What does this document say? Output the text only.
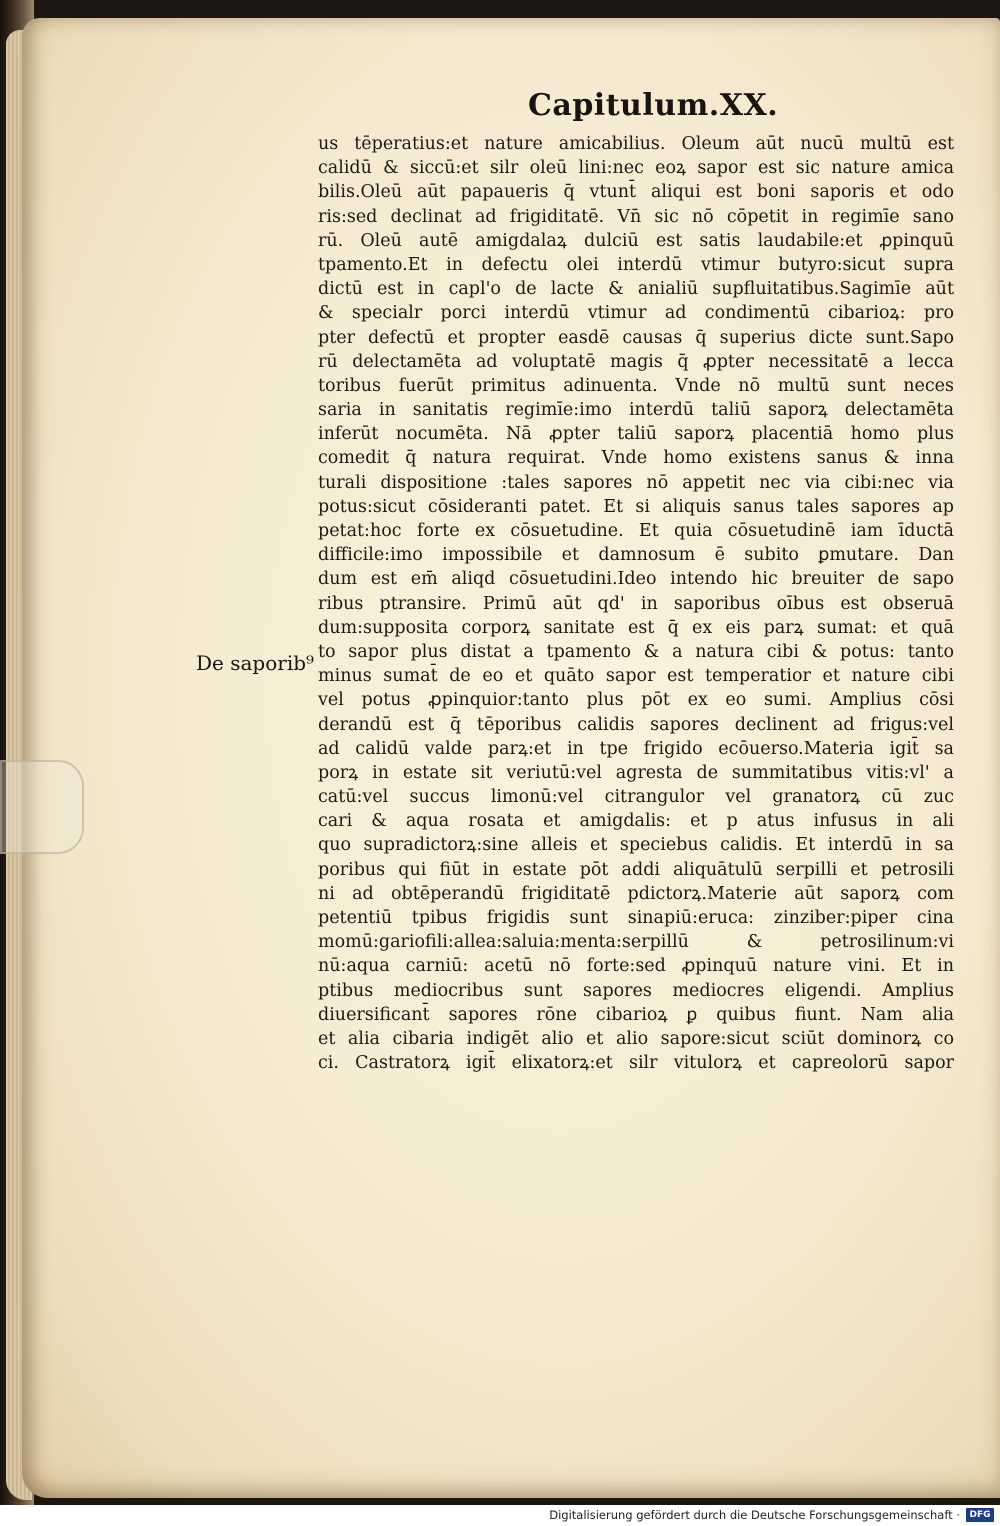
Capitulum.XX.
De saporib⁹
us tēperatius:et nature amicabilius. Oleum aūt nucū multū est
calidū & siccū:et silr oleū lini:nec eoꝝ sapor est sic nature amica
bilis.Oleū aūt papaueris q̄ vtunt̄ aliqui est boni saporis et odo
ris:sed declinat ad frigiditatē. Vn̄ sic nō cōpetit in regimīe sano
rū. Oleū autē amigdalaꝝ dulciū est satis laudabile:et ꝓpinquū
tpamento.Et in defectu olei interdū vtimur butyro:sicut supra
dictū est in capl'o de lacte & anialiū supfluitatibus.Sagimīe aūt
& specialr porci interdū vtimur ad condimentū cibarioꝝ: pro
pter defectū et propter easdē causas q̄ superius dicte sunt.Sapo
rū delectamēta ad voluptatē magis q̄ ꝓpter necessitatē a lecca
toribus fuerūt primitus adinuenta. Vnde nō multū sunt neces
saria in sanitatis regimīe:imo interdū taliū saporꝝ delectamēta
inferūt nocumēta. Nā ꝓpter taliū saporꝝ placentiā homo plus
comedit q̄ natura requirat. Vnde homo existens sanus & inna
turali dispositione :tales sapores nō appetit nec via cibi:nec via
potus:sicut cōsideranti patet. Et si aliquis sanus tales sapores ap
petat:hoc forte ex cōsuetudine. Et quia cōsuetudinē iam īductā
difficile:imo impossibile et damnosum ē subito ꝑmutare. Dan
dum est em̄ aliqd cōsuetudini.Ideo intendo hic breuiter de sapo
ribus ptransire. Primū aūt qd' in saporibus oībus est obseruā
dum:supposita corporꝝ sanitate est q̄ ex eis parꝝ sumat: et quā
to sapor plus distat a tpamento & a natura cibi & potus: tanto
minus sumat̄ de eo et quāto sapor est temperatior et nature cibi
vel potus ꝓpinquior:tanto plus pōt ex eo sumi. Amplius cōsi
derandū est q̄ tēporibus calidis sapores declinent ad frigus:vel
ad calidū valde parꝝ:et in tpe frigido ecōuerso.Materia igit̄ sa
porꝝ in estate sit veriutū:vel agresta de summitatibus vitis:vl' a
catū:vel succus limonū:vel citrangulor vel granatorꝝ cū zuc
cari & aqua rosata et amigdalis: et p atus infusus in ali
quo supradictorꝝ:sine alleis et speciebus calidis. Et interdū in sa
poribus qui fiūt in estate pōt addi aliquātulū serpilli et petrosili
ni ad obtēperandū frigiditatē pdictorꝝ.Materie aūt saporꝝ com
petentiū tpibus frigidis sunt sinapiū:eruca: zinziber:piper cina
momū:gariofili:allea:saluia:menta:serpillū & petrosilinum:vi
nū:aqua carniū: acetū nō forte:sed ꝓpinquū nature vini. Et in
ptibus mediocribus sunt sapores mediocres eligendi. Amplius
diuersificant̄ sapores rōne cibarioꝝ ꝑ quibus fiunt. Nam alia
et alia cibaria indigēt alio et alio sapore:sicut sciūt dominorꝝ co
ci. Castratorꝝ igit̄ elixatorꝝ:et silr vitulorꝝ et capreolorū sapor
Digitalisierung gefördert durch die Deutsche Forschungsgemeinschaft ·	DFG
